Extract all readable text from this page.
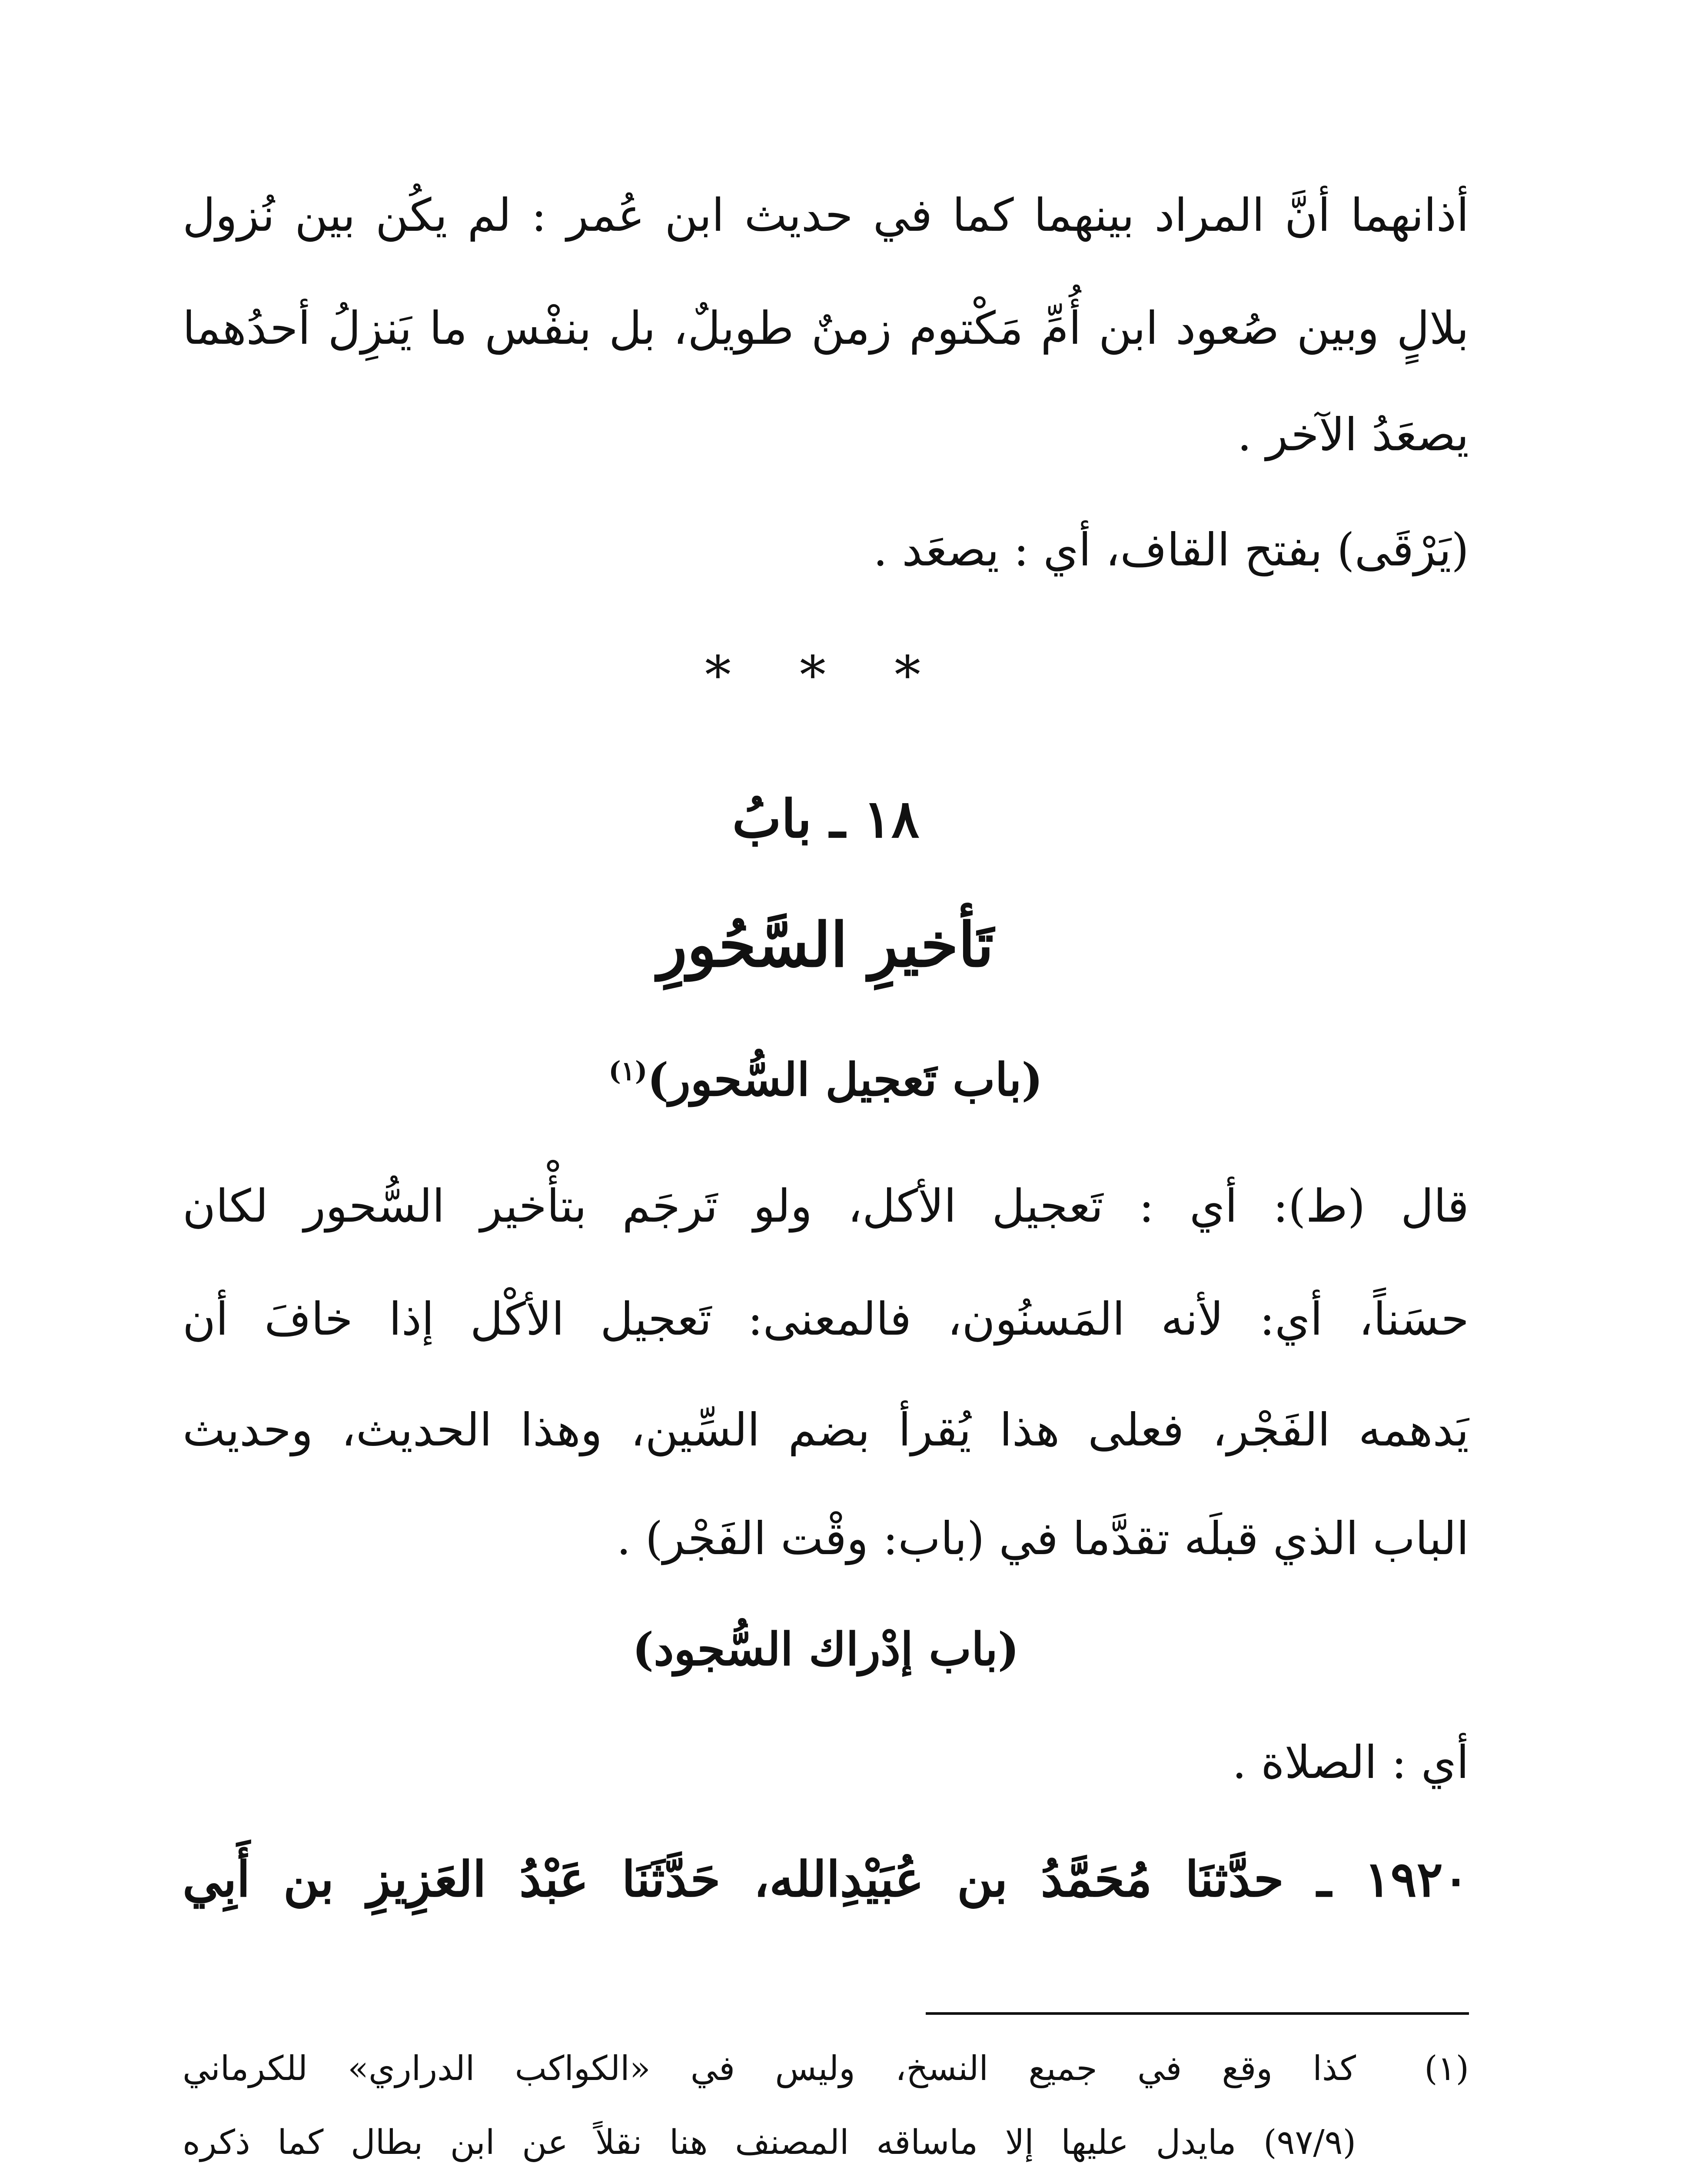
أذانهما أنَّ المراد بينهما كما في حديث ابن عُمر : لم يكُن بين نُزول
بلالٍ وبين صُعود ابن أُمِّ مَكْتوم زمنٌ طويلٌ، بل بنفْس ما يَنزِلُ أحدُهما
يصعَدُ الآخر .
(يَرْقَى) بفتح القاف، أي : يصعَد .
* * *
١٨ ـ بابُ
تَأخيرِ السَّحُورِ
(باب تَعجيل السُّحور)$^{(١)}$
قال (ط): أي : تَعجيل الأكل، ولو تَرجَم بتأْخير السُّحور لكان
حسَناً، أي: لأنه المَسنُون، فالمعنى: تَعجيل الأكْل إذا خافَ أن
يَدهمه الفَجْر، فعلى هذا يُقرأ بضم السِّين، وهذا الحديث، وحديث
الباب الذي قبلَه تقدَّما في (باب: وقْت الفَجْر) .
(باب إدْراك السُّجود)
أي : الصلاة .
١٩٢٠ ـ حدَّثنَا مُحَمَّدُ بن عُبَيْدِالله، حَدَّثَنَا عَبْدُ العَزِيزِ بن أَبِي
(١)
كذا وقع في جميع النسخ، وليس في «الكواكب الدراري» للكرماني
(٩٧/٩) مايدل عليها إلا ماساقه المصنف هنا نقلاً عن ابن بطال كما ذكره
